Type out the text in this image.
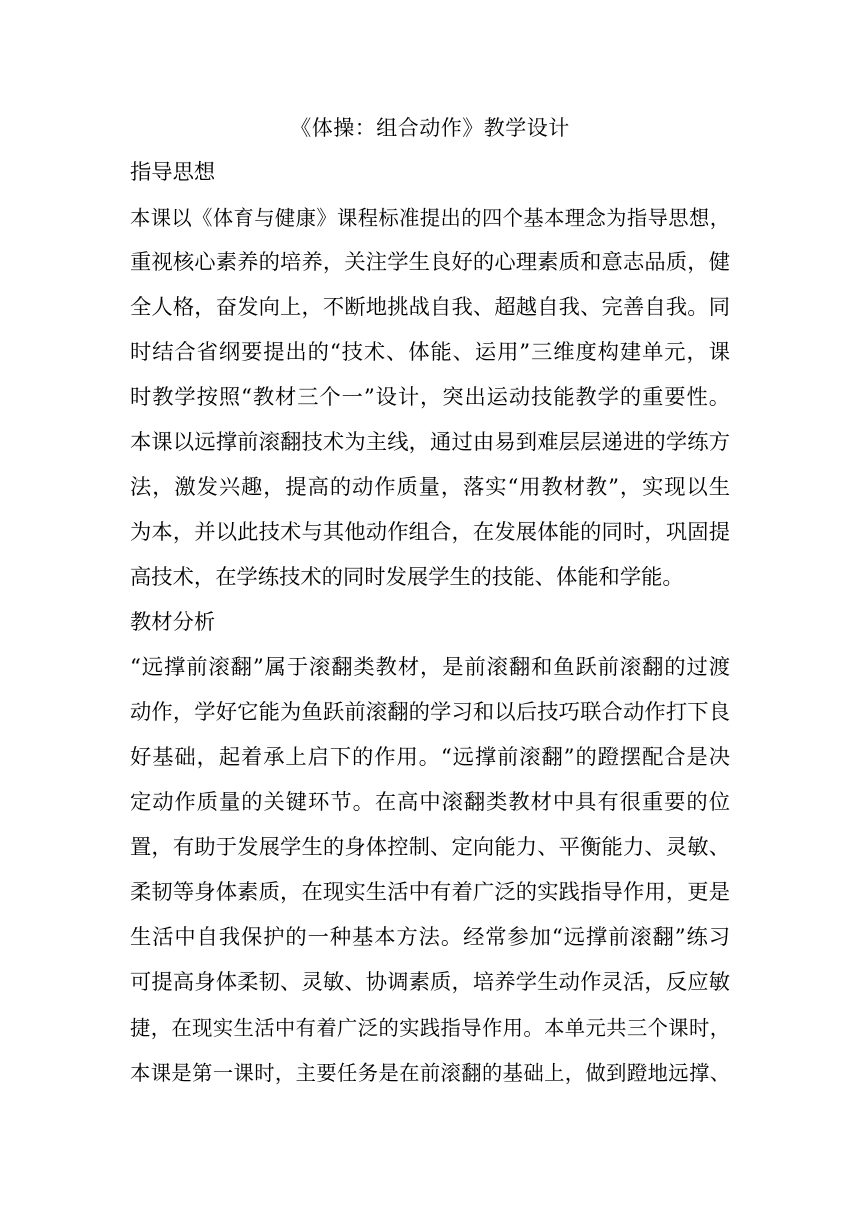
《体操：组合动作》教学设计
指导思想
本课以《体育与健康》课程标准提出的四个基本理念为指导思想，
重视核心素养的培养，关注学生良好的心理素质和意志品质，健
全人格，奋发向上，不断地挑战自我、超越自我、完善自我。同
时结合省纲要提出的“技术、体能、运用”三维度构建单元，课
时教学按照“教材三个一”设计，突出运动技能教学的重要性。
本课以远撑前滚翻技术为主线，通过由易到难层层递进的学练方
法，激发兴趣，提高的动作质量，落实“用教材教”，实现以生
为本，并以此技术与其他动作组合，在发展体能的同时，巩固提
高技术，在学练技术的同时发展学生的技能、体能和学能。
教材分析
“远撑前滚翻”属于滚翻类教材，是前滚翻和鱼跃前滚翻的过渡
动作，学好它能为鱼跃前滚翻的学习和以后技巧联合动作打下良
好基础，起着承上启下的作用。“远撑前滚翻”的蹬摆配合是决
定动作质量的关键环节。在高中滚翻类教材中具有很重要的位
置，有助于发展学生的身体控制、定向能力、平衡能力、灵敏、
柔韧等身体素质，在现实生活中有着广泛的实践指导作用，更是
生活中自我保护的一种基本方法。经常参加“远撑前滚翻”练习
可提高身体柔韧、灵敏、协调素质，培养学生动作灵活，反应敏
捷，在现实生活中有着广泛的实践指导作用。本单元共三个课时，
本课是第一课时，主要任务是在前滚翻的基础上，做到蹬地远撑、
